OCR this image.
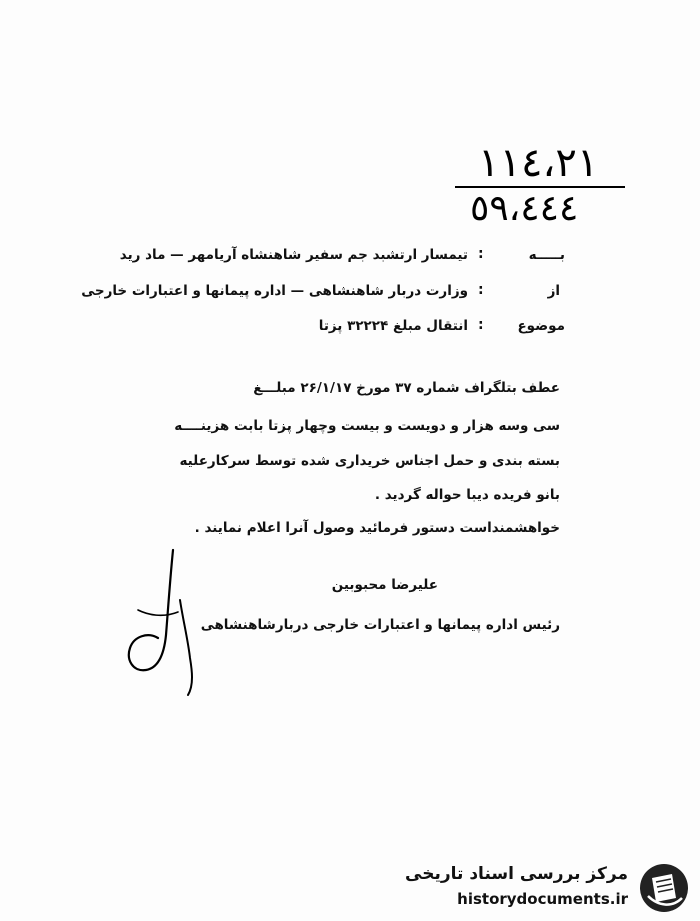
١١٤،٢١
٥٩،٤٤٤
بـــــه
:
تیمسار ارتشبد جم سفیر شاهنشاه آریامهر — ماد رید
از
:
وزارت دربار شاهنشاهی — اداره پیمانها و اعتبارات خارجی
موضوع
:
انتقال مبلغ ۳۲۲۲۴ پزتا
عطف بتلگراف شماره ۳۷ مورخ ۲۶/۱/۱۷ مبلـــغ
سی وسه هزار و دویست و بیست وچهار پزتا بابت هزینــــه
بسته بندی و حمل اجناس خریداری شده توسط سرکارعلیه
بانو فریده دیبا حواله گردید .
خواهشمنداست دستور فرمائید وصول آنرا اعلام نمایند .
علیرضا محبوبین
رئیس اداره پیمانها و اعتبارات خارجی دربارشاهنشاهی
مرکز بررسی اسناد تاریخی
historydocuments.ir
